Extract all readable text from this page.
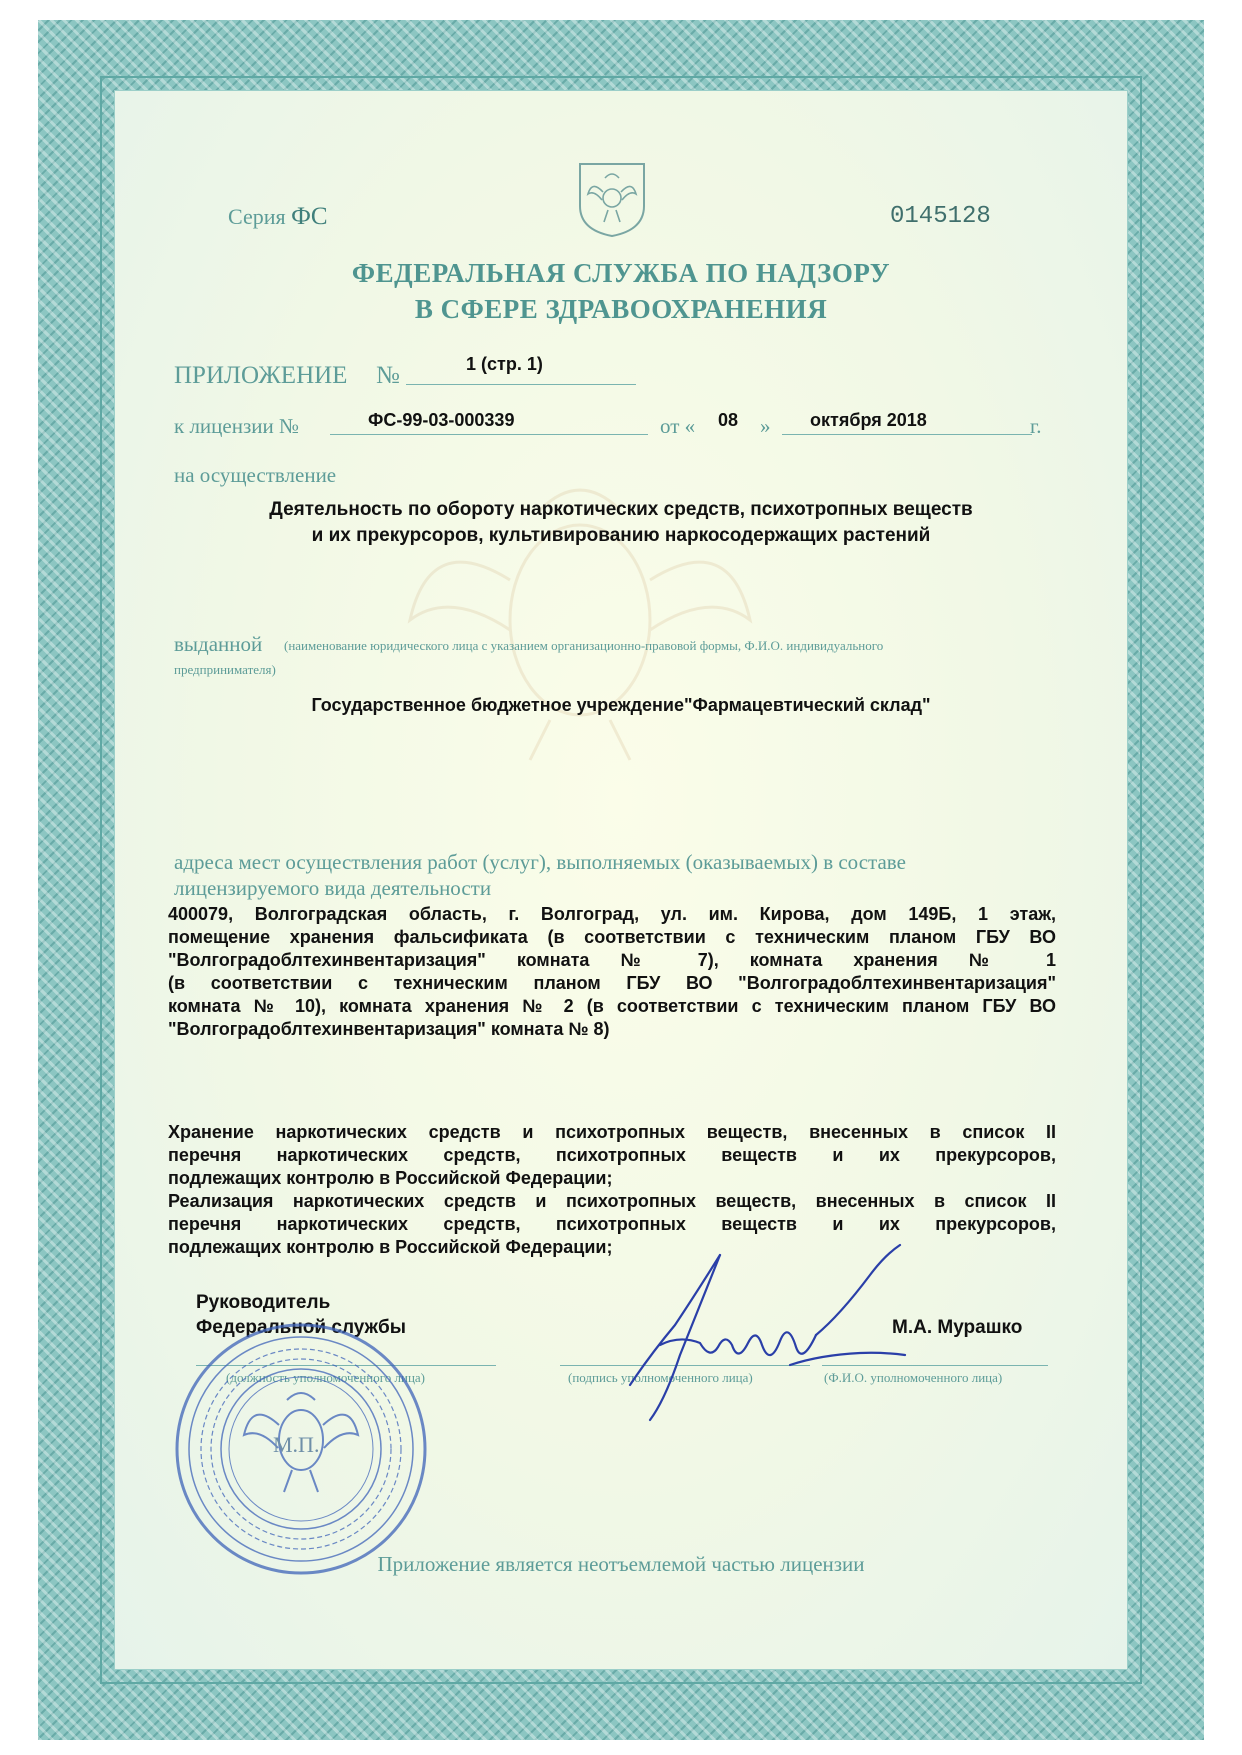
Серия ФС	0145128
ФЕДЕРАЛЬНАЯ СЛУЖБА ПО НАДЗОРУ
В СФЕРЕ ЗДРАВООХРАНЕНИЯ
ПРИЛОЖЕНИЕ №	1 (стр. 1)
к лицензии №	ФС-99-03-000339	от « 08 » октября 2018	г.
на осуществление
Деятельность по обороту наркотических средств, психотропных веществ
и их прекурсоров, культивированию наркосодержащих растений
выданной (наименование юридического лица с указанием организационно-правовой формы, Ф.И.О. индивидуального
предпринимателя)
Государственное бюджетное учреждение"Фармацевтический склад"
адреса мест осуществления работ (услуг), выполняемых (оказываемых) в составе
лицензируемого вида деятельности
400079, Волгоградская область, г. Волгоград, ул. им. Кирова, дом 149Б, 1 этаж,
помещение хранения фальсификата (в соответствии с техническим планом ГБУ ВО
"Волгоградоблтехинвентаризация" комната № 7), комната хранения № 1
(в соответствии с техническим планом ГБУ ВО "Волгоградоблтехинвентаризация"
комната № 10), комната хранения № 2 (в соответствии с техническим планом ГБУ ВО
"Волгоградоблтехинвентаризация" комната № 8)
Хранение наркотических средств и психотропных веществ, внесенных в список II
перечня наркотических средств, психотропных веществ и их прекурсоров,
подлежащих контролю в Российской Федерации;
Реализация наркотических средств и психотропных веществ, внесенных в список II
перечня наркотических средств, психотропных веществ и их прекурсоров,
подлежащих контролю в Российской Федерации;
Руководитель
Федеральной службы	М.А. Мурашко
(должность уполномоченного лица)	(подпись уполномоченного лица)	(Ф.И.О. уполномоченного лица)
М.П.
Приложение является неотъемлемой частью лицензии
